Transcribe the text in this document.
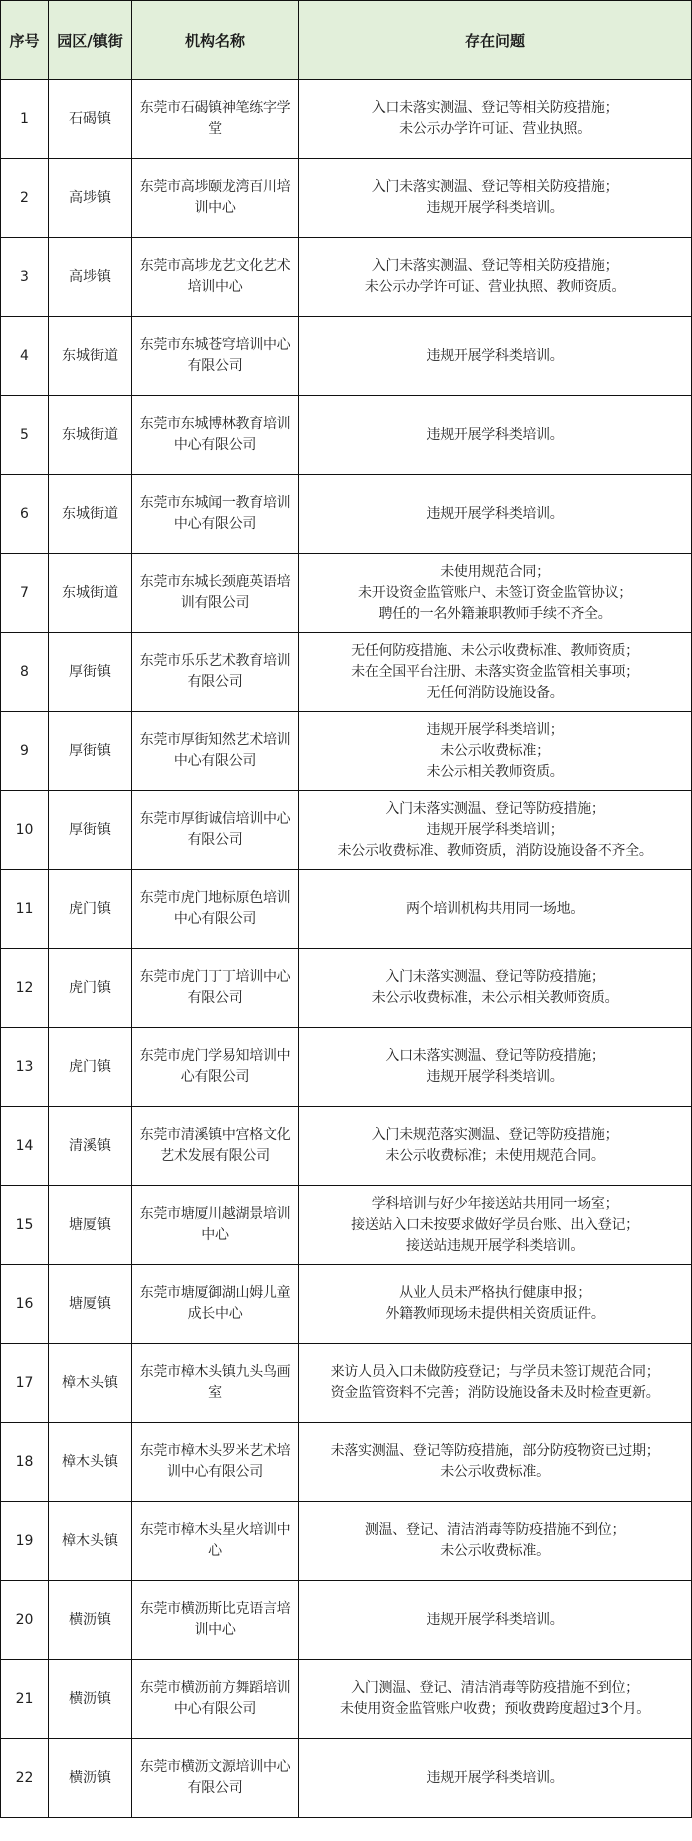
序号	园区/镇街	机构名称	存在问题
1	石碣镇	东莞市石碣镇神笔练字学堂	入口未落实测温、登记等相关防疫措施；
未公示办学许可证、营业执照。

2	高埗镇	东莞市高埗颐龙湾百川培训中心	入门未落实测温、登记等相关防疫措施；
违规开展学科类培训。

3	高埗镇	东莞市高埗龙艺文化艺术培训中心	入门未落实测温、登记等相关防疫措施；
未公示办学许可证、营业执照、教师资质。

4	东城街道	东莞市东城苍穹培训中心有限公司	违规开展学科类培训。

5	东城街道	东莞市东城博林教育培训中心有限公司	违规开展学科类培训。

6	东城街道	东莞市东城闻一教育培训中心有限公司	违规开展学科类培训。

7	东城街道	东莞市东城长颈鹿英语培训有限公司	未使用规范合同；
未开设资金监管账户、未签订资金监管协议；
聘任的一名外籍兼职教师手续不齐全。

8	厚街镇	东莞市乐乐艺术教育培训有限公司	无任何防疫措施、未公示收费标准、教师资质；
未在全国平台注册、未落实资金监管相关事项；
无任何消防设施设备。

9	厚街镇	东莞市厚街知然艺术培训中心有限公司	违规开展学科类培训；
未公示收费标准；
未公示相关教师资质。

10	厚街镇	东莞市厚街诚信培训中心有限公司	入门未落实测温、登记等防疫措施；
违规开展学科类培训；
未公示收费标准、教师资质，消防设施设备不齐全。

11	虎门镇	东莞市虎门地标原色培训中心有限公司	两个培训机构共用同一场地。

12	虎门镇	东莞市虎门丁丁培训中心有限公司	入门未落实测温、登记等防疫措施；
未公示收费标准，未公示相关教师资质。

13	虎门镇	东莞市虎门学易知培训中心有限公司	入口未落实测温、登记等防疫措施；
违规开展学科类培训。

14	清溪镇	东莞市清溪镇中宫格文化艺术发展有限公司	入门未规范落实测温、登记等防疫措施；
未公示收费标准；未使用规范合同。

15	塘厦镇	东莞市塘厦川越湖景培训中心	学科培训与好少年接送站共用同一场室；
接送站入口未按要求做好学员台账、出入登记；
接送站违规开展学科类培训。

16	塘厦镇	东莞市塘厦御湖山姆儿童成长中心	从业人员未严格执行健康申报；
外籍教师现场未提供相关资质证件。

17	樟木头镇	东莞市樟木头镇九头鸟画室	来访人员入口未做防疫登记；与学员未签订规范合同；
资金监管资料不完善；消防设施设备未及时检查更新。

18	樟木头镇	东莞市樟木头罗米艺术培训中心有限公司	未落实测温、登记等防疫措施，部分防疫物资已过期；
未公示收费标准。

19	樟木头镇	东莞市樟木头星火培训中心	测温、登记、清洁消毒等防疫措施不到位；
未公示收费标准。

20	横沥镇	东莞市横沥斯比克语言培训中心	违规开展学科类培训。

21	横沥镇	东莞市横沥前方舞蹈培训中心有限公司	入门测温、登记、清洁消毒等防疫措施不到位；
未使用资金监管账户收费；预收费跨度超过3个月。

22	横沥镇	东莞市横沥文源培训中心有限公司	违规开展学科类培训。
